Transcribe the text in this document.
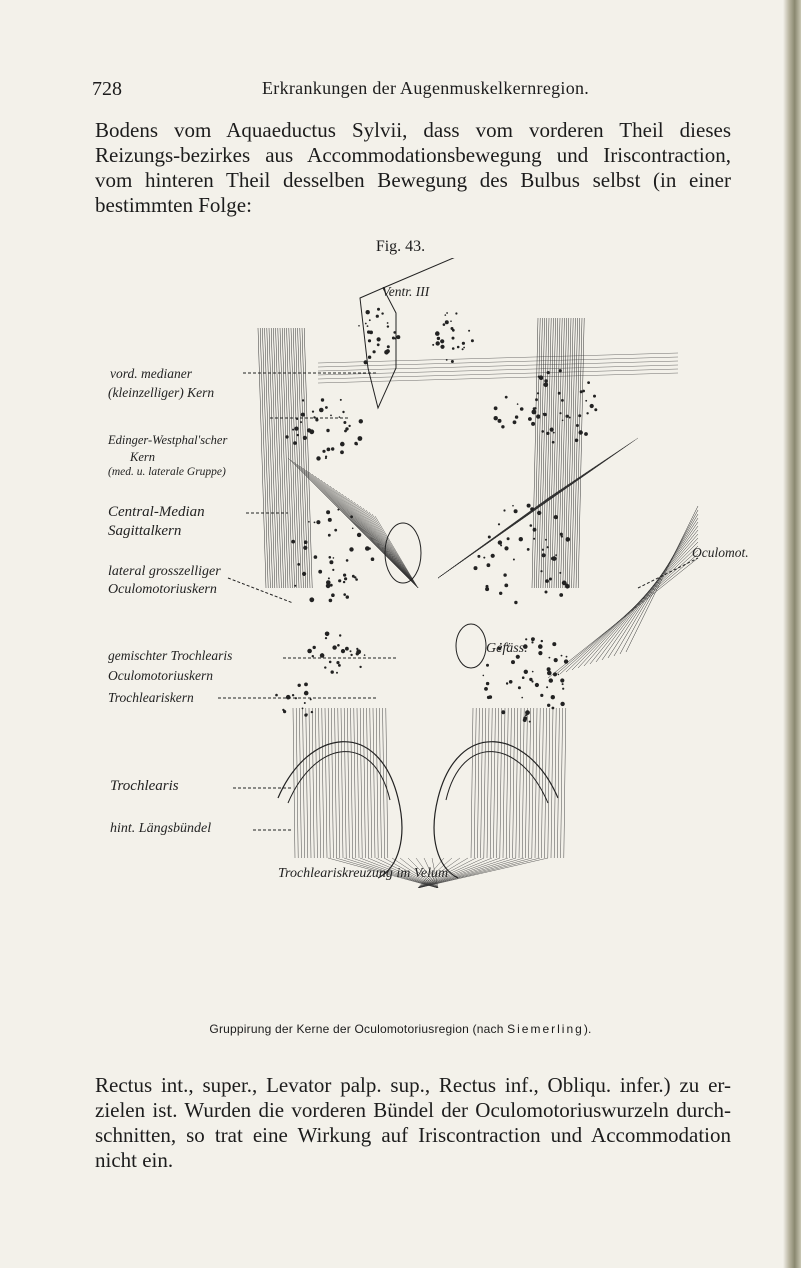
728	Erkrankungen der Augenmuskelkernregion.

Bodens vom Aquaeductus Sylvii, dass vom vorderen Theil dieses Reizungs-bezirkes aus Accommodationsbewegung und Iriscontraction, vom hinteren Theil desselben Bewegung des Bulbus selbst (in einer bestimmten Folge:

Fig. 43.
Ventr. III
vord. medianer
(kleinzelliger) Kern
Edinger-Westphal'scher
Kern
(med. u. laterale Gruppe)
Central-Median
Sagittalkern
lateral grosszelliger
Oculomotoriuskern
Oculomot.
gemischter Trochlearis
Oculomotoriuskern
Trochleariskern
Gefäss.
Trochlearis
hint. Längsbündel
Trochleariskreuzung im Velum
Gruppirung der Kerne der Oculomotoriusregion (nach Siemerling).

Rectus int., super., Levator palp. sup., Rectus inf., Obliqu. infer.) zu er-zielen ist. Wurden die vorderen Bündel der Oculomotoriuswurzeln durch-schnitten, so trat eine Wirkung auf Iriscontraction und Accommodation nicht ein.
